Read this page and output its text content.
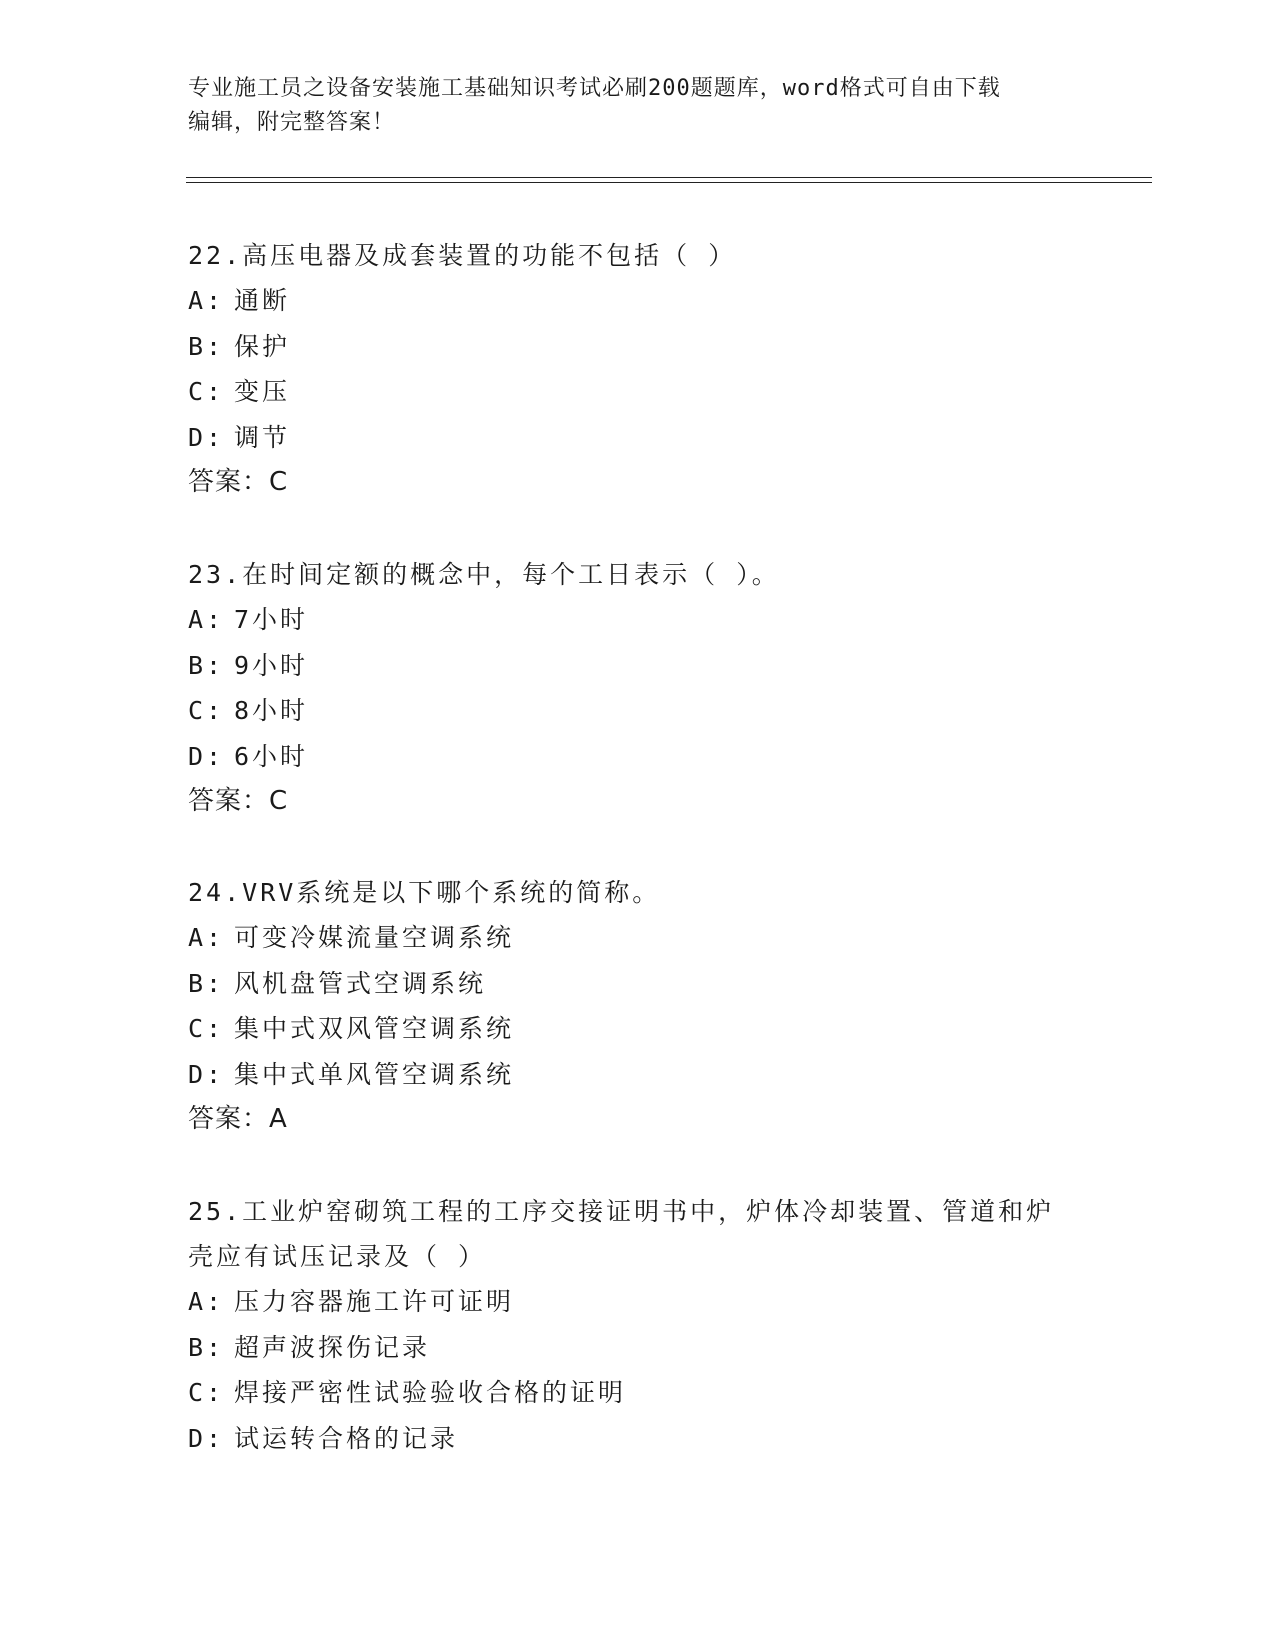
专业施工员之设备安装施工基础知识考试必刷200题题库，word格式可自由下载
编辑，附完整答案！

22.高压电器及成套装置的功能不包括（ ）

A: 通断

B: 保护

C: 变压

D: 调节

答案：C

23.在时间定额的概念中，每个工日表示（ ）。

A: 7小时

B: 9小时

C: 8小时

D: 6小时

答案：C

24.VRV系统是以下哪个系统的简称。

A: 可变冷媒流量空调系统

B: 风机盘管式空调系统

C: 集中式双风管空调系统

D: 集中式单风管空调系统

答案：A

25.工业炉窑砌筑工程的工序交接证明书中，炉体冷却装置、管道和炉

壳应有试压记录及（ ）

A: 压力容器施工许可证明

B: 超声波探伤记录

C: 焊接严密性试验验收合格的证明

D: 试运转合格的记录
